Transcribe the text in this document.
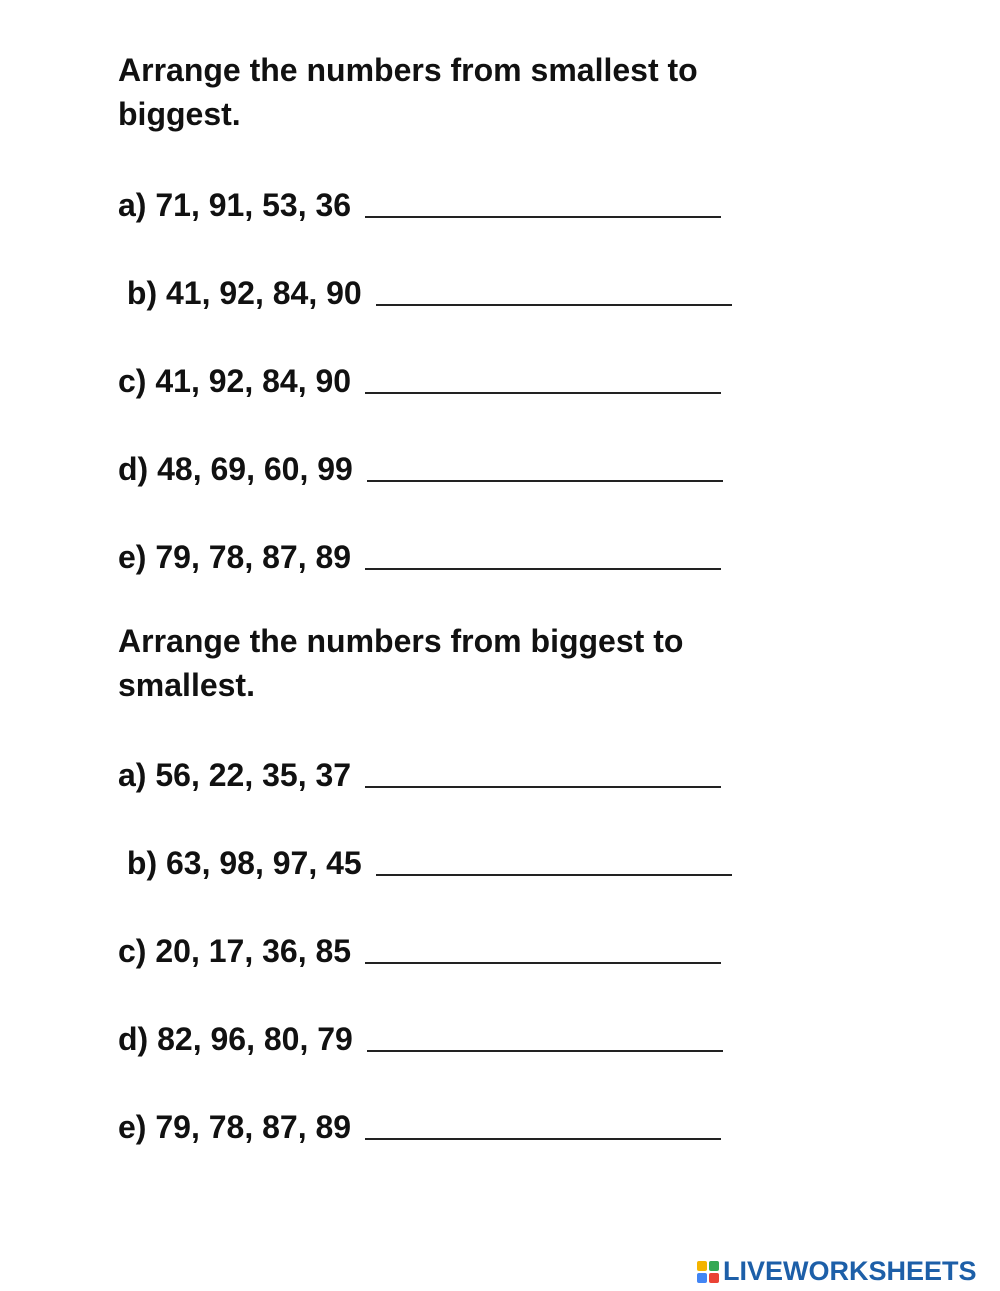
Arrange the numbers from smallest to biggest.

a) 71, 91, 53, 36
b) 41, 92, 84, 90
c) 41, 92, 84, 90
d) 48, 69, 60, 99
e) 79, 78, 87, 89

Arrange the numbers from biggest to smallest.

a) 56, 22, 35, 37
b) 63, 98, 97, 45
c) 20, 17, 36, 85
d) 82, 96, 80, 79
e) 79, 78, 87, 89
LIVEWORKSHEETS
